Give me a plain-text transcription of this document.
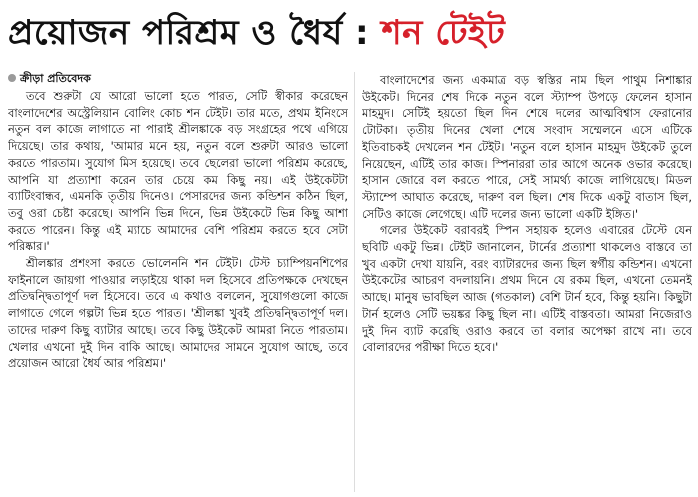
প্রয়োজন পরিশ্রম ও ধৈর্য : শন টেইট
ক্রীড়া প্রতিবেদক

তবে শুরুটা যে আরো ভালো হতে পারত, সেটি স্বীকার করেছেন বাংলাদেশের অস্ট্রেলিয়ান বোলিং কোচ শন টেইট। তার মতে, প্রথম ইনিংসে নতুন বল কাজে লাগাতে না পারাই শ্রীলঙ্কাকে বড় সংগ্রহের পথে এগিয়ে দিয়েছে। তার কথায়, 'আমার মনে হয়, নতুন বলে শুরুটা আরও ভালো করতে পারতাম। সুযোগ মিস হয়েছে। তবে ছেলেরা ভালো পরিশ্রম করেছে, আপনি যা প্রত্যাশা করেন তার চেয়ে কম কিছু নয়। এই উইকেটটা ব্যাটিংবান্ধব, এমনকি তৃতীয় দিনেও। পেসারদের জন্য কন্ডিশন কঠিন ছিল, তবু ওরা চেষ্টা করেছে। আপনি ভিন্ন দিনে, ভিন্ন উইকেটে ভিন্ন কিছু আশা করতে পারেন। কিন্তু এই ম্যাচে আমাদের বেশি পরিশ্রম করতে হবে সেটা পরিষ্কার।'

শ্রীলঙ্কার প্রশংসা করতে ভোলেননি শন টেইট। টেস্ট চ্যাম্পিয়নশিপের ফাইনালে জায়গা পাওয়ার লড়াইয়ে থাকা দল হিসেবে প্রতিপক্ষকে দেখছেন প্রতিদ্বন্দ্বিতাপূর্ণ দল হিসেবে। তবে এ কথাও বললেন, সুযোগগুলো কাজে লাগাতে গেলে গল্পটা ভিন্ন হতে পারত। 'শ্রীলঙ্কা খুবই প্রতিদ্বন্দ্বিতাপূর্ণ দল। তাদের দারুণ কিছু ব্যাটার আছে। তবে কিছু উইকেট আমরা নিতে পারতাম। খেলার এখনো দুই দিন বাকি আছে। আমাদের সামনে সুযোগ আছে, তবে প্রয়োজন আরো ধৈর্য আর পরিশ্রম।'

বাংলাদেশের জন্য একমাত্র বড় স্বস্তির নাম ছিল পাথুম নিশাঙ্কার উইকেট। দিনের শেষ দিকে নতুন বলে স্ট্যাম্প উপড়ে ফেলেন হাসান মাহমুদ। সেটিই হয়তো ছিল দিন শেষে দলের আত্মবিশ্বাস ফেরানোর টোটকা। তৃতীয় দিনের খেলা শেষে সংবাদ সম্মেলনে এসে এটিকে ইতিবাচকই দেখলেন শন টেইট। 'নতুন বলে হাসান মাহমুদ উইকেট তুলে নিয়েছেন, এটিই তার কাজ। স্পিনাররা তার আগে অনেক ওভার করেছে। হাসান জোরে বল করতে পারে, সেই সামর্থ্য কাজে লাগিয়েছে। মিডল স্ট্যাম্পে আঘাত করেছে, দারুণ বল ছিল। শেষ দিকে একটু বাতাস ছিল, সেটিও কাজে লেগেছে। এটি দলের জন্য ভালো একটি ইঙ্গিত।'

গলের উইকেট বরাবরই স্পিন সহায়ক হলেও এবারের টেস্টে যেন ছবিটি একটু ভিন্ন। টেইট জানালেন, টার্নের প্রত্যাশা থাকলেও বাস্তবে তা খুব একটা দেখা যায়নি, বরং ব্যাটারদের জন্য ছিল স্বর্গীয় কন্ডিশন। এখনো উইকেটের আচরণ বদলায়নি। প্রথম দিনে যে রকম ছিল, এখনো তেমনই আছে। মানুষ ভাবছিল আজ (গতকাল) বেশি টার্ন হবে, কিন্তু হয়নি। কিছুটা টার্ন হলেও সেটি ভয়ঙ্কর কিছু ছিল না। এটিই বাস্তবতা। আমরা নিজেরাও দুই দিন ব্যাট করেছি ওরাও করবে তা বলার অপেক্ষা রাখে না। তবে বোলারদের পরীক্ষা দিতে হবে।'
